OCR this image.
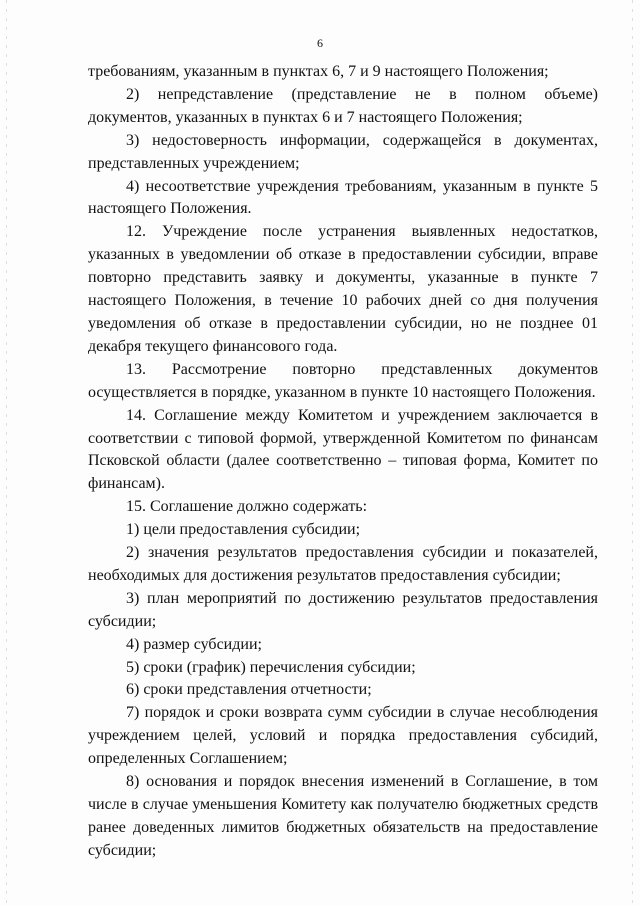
6

требованиям, указанным в пунктах 6, 7 и 9 настоящего Положения;

2) непредставление (представление не в полном объеме) документов, указанных в пунктах 6 и 7 настоящего Положения;

3) недостоверность информации, содержащейся в документах, представленных учреждением;

4) несоответствие учреждения требованиям, указанным в пункте 5 настоящего Положения.

12. Учреждение после устранения выявленных недостатков, указанных в уведомлении об отказе в предоставлении субсидии, вправе повторно представить заявку и документы, указанные в пункте 7 настоящего Положения, в течение 10 рабочих дней со дня получения уведомления об отказе в предоставлении субсидии, но не позднее 01 декабря текущего финансового года.

13. Рассмотрение повторно представленных документов осуществляется в порядке, указанном в пункте 10 настоящего Положения.

14. Соглашение между Комитетом и учреждением заключается в соответствии с типовой формой, утвержденной Комитетом по финансам Псковской области (далее соответственно – типовая форма, Комитет по финансам).

15. Соглашение должно содержать:

1) цели предоставления субсидии;

2) значения результатов предоставления субсидии и показателей, необходимых для достижения результатов предоставления субсидии;

3) план мероприятий по достижению результатов предоставления субсидии;

4) размер субсидии;

5) сроки (график) перечисления субсидии;

6) сроки представления отчетности;

7) порядок и сроки возврата сумм субсидии в случае несоблюдения учреждением целей, условий и порядка предоставления субсидий, определенных Соглашением;

8) основания и порядок внесения изменений в Соглашение, в том числе в случае уменьшения Комитету как получателю бюджетных средств ранее доведенных лимитов бюджетных обязательств на предоставление субсидии;
